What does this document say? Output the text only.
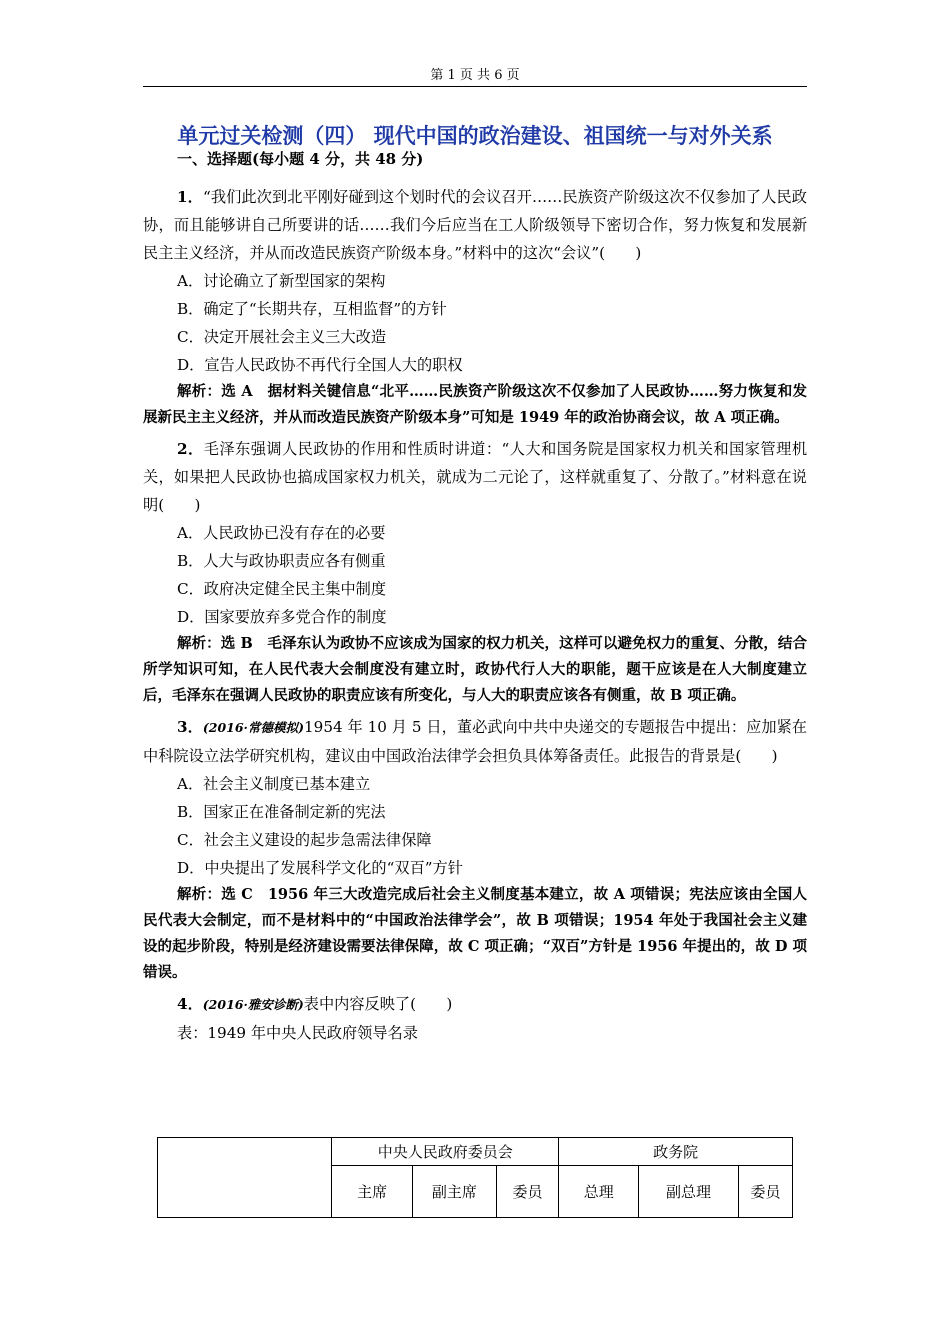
第 1 页 共 6 页
单元过关检测（四） 现代中国的政治建设、祖国统一与对外关系
一、选择题(每小题 4 分，共 48 分)
1．“我们此次到北平刚好碰到这个划时代的会议召开……民族资产阶级这次不仅参加了人民政协，而且能够讲自己所要讲的话……我们今后应当在工人阶级领导下密切合作，努力恢复和发展新民主主义经济，并从而改造民族资产阶级本身。”材料中的这次“会议”(　　)
A．讨论确立了新型国家的架构
B．确定了“长期共存，互相监督”的方针
C．决定开展社会主义三大改造
D．宣告人民政协不再代行全国人大的职权
解析：选 A　据材料关键信息“北平……民族资产阶级这次不仅参加了人民政协……努力恢复和发展新民主主义经济，并从而改造民族资产阶级本身”可知是 1949 年的政治协商会议，故 A 项正确。
2．毛泽东强调人民政协的作用和性质时讲道：“人大和国务院是国家权力机关和国家管理机关，如果把人民政协也搞成国家权力机关，就成为二元论了，这样就重复了、分散了。”材料意在说明(　　)
A．人民政协已没有存在的必要
B．人大与政协职责应各有侧重
C．政府决定健全民主集中制度
D．国家要放弃多党合作的制度
解析：选 B　毛泽东认为政协不应该成为国家的权力机关，这样可以避免权力的重复、分散，结合所学知识可知，在人民代表大会制度没有建立时，政协代行人大的职能，题干应该是在人大制度建立后，毛泽东在强调人民政协的职责应该有所变化，与人大的职责应该各有侧重，故 B 项正确。
3．(2016·常德模拟)1954 年 10 月 5 日，董必武向中共中央递交的专题报告中提出：应加紧在中科院设立法学研究机构，建议由中国政治法律学会担负具体筹备责任。此报告的背景是(　　)
A．社会主义制度已基本建立
B．国家正在准备制定新的宪法
C．社会主义建设的起步急需法律保障
D．中央提出了发展科学文化的“双百”方针
解析：选 C　1956 年三大改造完成后社会主义制度基本建立，故 A 项错误；宪法应该由全国人民代表大会制定，而不是材料中的“中国政治法律学会”，故 B 项错误；1954 年处于我国社会主义建设的起步阶段，特别是经济建设需要法律保障，故 C 项正确；“双百”方针是 1956 年提出的，故 D 项错误。
4．(2016·雅安诊断)表中内容反映了(　　)
表：1949 年中央人民政府领导名录
	中央人民政府委员会			政务院		
	主席	副主席	委员	总理	副总理	委员
